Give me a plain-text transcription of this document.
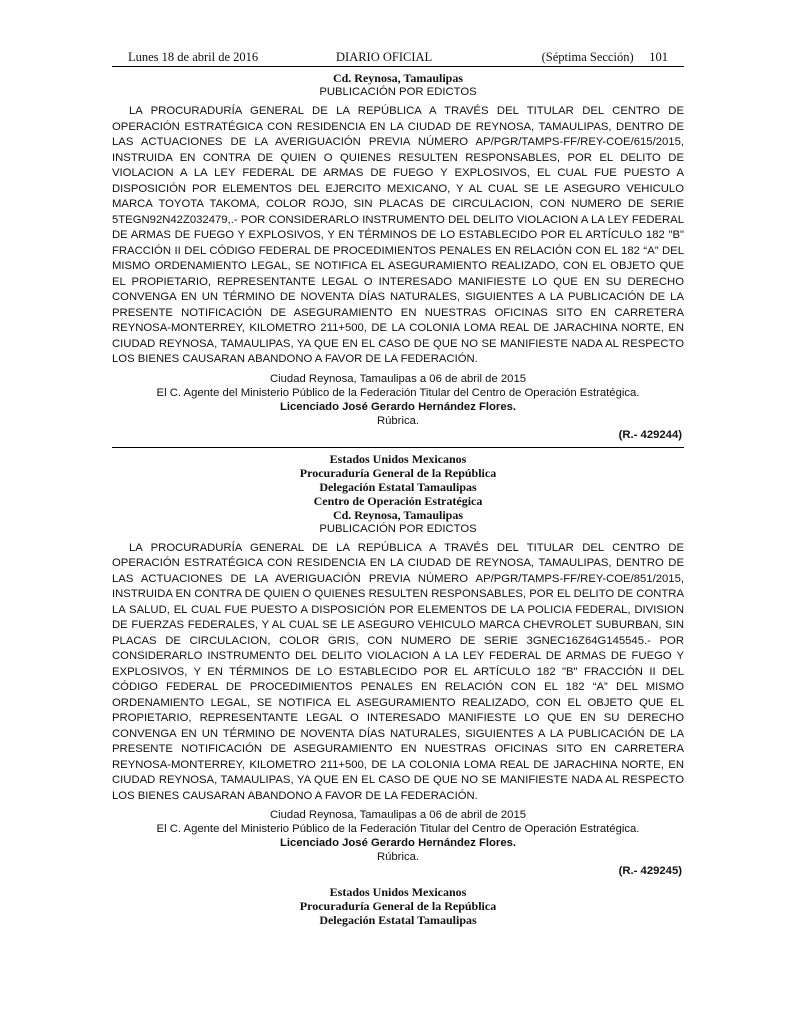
Lunes 18 de abril de 2016	DIARIO OFICIAL	(Séptima Sección) 101
Cd. Reynosa, Tamaulipas
PUBLICACIÓN POR EDICTOS

LA PROCURADURÍA GENERAL DE LA REPÚBLICA A TRAVÉS DEL TITULAR DEL CENTRO DE OPERACIÓN ESTRATÉGICA CON RESIDENCIA EN LA CIUDAD DE REYNOSA, TAMAULIPAS, DENTRO DE LAS ACTUACIONES DE LA AVERIGUACIÓN PREVIA NÚMERO AP/PGR/TAMPS-FF/REY-COE/615/2015, INSTRUIDA EN CONTRA DE QUIEN O QUIENES RESULTEN RESPONSABLES, POR EL DELITO DE VIOLACION A LA LEY FEDERAL DE ARMAS DE FUEGO Y EXPLOSIVOS, EL CUAL FUE PUESTO A DISPOSICIÓN POR ELEMENTOS DEL EJERCITO MEXICANO, Y AL CUAL SE LE ASEGURO VEHICULO MARCA TOYOTA TAKOMA, COLOR ROJO, SIN PLACAS DE CIRCULACION, CON NUMERO DE SERIE 5TEGN92N42Z032479,.- POR CONSIDERARLO INSTRUMENTO DEL DELITO VIOLACION A LA LEY FEDERAL DE ARMAS DE FUEGO Y EXPLOSIVOS, Y EN TÉRMINOS DE LO ESTABLECIDO POR EL ARTÍCULO 182 "B" FRACCIÓN II DEL CÓDIGO FEDERAL DE PROCEDIMIENTOS PENALES EN RELACIÓN CON EL 182 “A” DEL MISMO ORDENAMIENTO LEGAL, SE NOTIFICA EL ASEGURAMIENTO REALIZADO, CON EL OBJETO QUE EL PROPIETARIO, REPRESENTANTE LEGAL O INTERESADO MANIFIESTE LO QUE EN SU DERECHO CONVENGA EN UN TÉRMINO DE NOVENTA DÍAS NATURALES, SIGUIENTES A LA PUBLICACIÓN DE LA PRESENTE NOTIFICACIÓN DE ASEGURAMIENTO EN NUESTRAS OFICINAS SITO EN CARRETERA REYNOSA-MONTERREY, KILOMETRO 211+500, DE LA COLONIA LOMA REAL DE JARACHINA NORTE, EN CIUDAD REYNOSA, TAMAULIPAS, YA QUE EN EL CASO DE QUE NO SE MANIFIESTE NADA AL RESPECTO LOS BIENES CAUSARAN ABANDONO A FAVOR DE LA FEDERACIÓN.

Ciudad Reynosa, Tamaulipas a 06 de abril de 2015
El C. Agente del Ministerio Público de la Federación Titular del Centro de Operación Estratégica.
Licenciado José Gerardo Hernández Flores.
Rúbrica.
(R.- 429244)
Estados Unidos Mexicanos
Procuraduría General de la República
Delegación Estatal Tamaulipas
Centro de Operación Estratégica
Cd. Reynosa, Tamaulipas
PUBLICACIÓN POR EDICTOS

LA PROCURADURÍA GENERAL DE LA REPÚBLICA A TRAVÉS DEL TITULAR DEL CENTRO DE OPERACIÓN ESTRATÉGICA CON RESIDENCIA EN LA CIUDAD DE REYNOSA, TAMAULIPAS, DENTRO DE LAS ACTUACIONES DE LA AVERIGUACIÓN PREVIA NÚMERO AP/PGR/TAMPS-FF/REY-COE/851/2015, INSTRUIDA EN CONTRA DE QUIEN O QUIENES RESULTEN RESPONSABLES, POR EL DELITO DE CONTRA LA SALUD, EL CUAL FUE PUESTO A DISPOSICIÓN POR ELEMENTOS DE LA POLICIA FEDERAL, DIVISION DE FUERZAS FEDERALES, Y AL CUAL SE LE ASEGURO VEHICULO MARCA CHEVROLET SUBURBAN, SIN PLACAS DE CIRCULACION, COLOR GRIS, CON NUMERO DE SERIE 3GNEC16Z64G145545.- POR CONSIDERARLO INSTRUMENTO DEL DELITO VIOLACION A LA LEY FEDERAL DE ARMAS DE FUEGO Y EXPLOSIVOS, Y EN TÉRMINOS DE LO ESTABLECIDO POR EL ARTÍCULO 182 "B" FRACCIÓN II DEL CÓDIGO FEDERAL DE PROCEDIMIENTOS PENALES EN RELACIÓN CON EL 182 “A” DEL MISMO ORDENAMIENTO LEGAL, SE NOTIFICA EL ASEGURAMIENTO REALIZADO, CON EL OBJETO QUE EL PROPIETARIO, REPRESENTANTE LEGAL O INTERESADO MANIFIESTE LO QUE EN SU DERECHO CONVENGA EN UN TÉRMINO DE NOVENTA DÍAS NATURALES, SIGUIENTES A LA PUBLICACIÓN DE LA PRESENTE NOTIFICACIÓN DE ASEGURAMIENTO EN NUESTRAS OFICINAS SITO EN CARRETERA REYNOSA-MONTERREY, KILOMETRO 211+500, DE LA COLONIA LOMA REAL DE JARACHINA NORTE, EN CIUDAD REYNOSA, TAMAULIPAS, YA QUE EN EL CASO DE QUE NO SE MANIFIESTE NADA AL RESPECTO LOS BIENES CAUSARAN ABANDONO A FAVOR DE LA FEDERACIÓN.

Ciudad Reynosa, Tamaulipas a 06 de abril de 2015
El C. Agente del Ministerio Público de la Federación Titular del Centro de Operación Estratégica.
Licenciado José Gerardo Hernández Flores.
Rúbrica.
(R.- 429245)
Estados Unidos Mexicanos
Procuraduría General de la República
Delegación Estatal Tamaulipas
